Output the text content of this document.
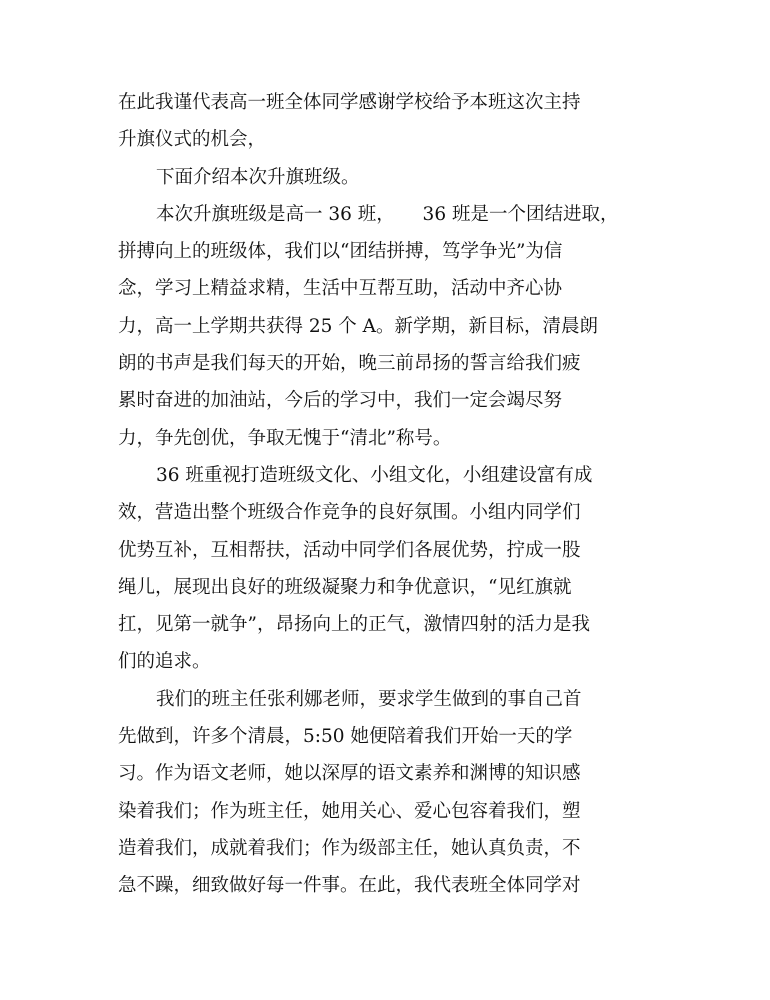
在此我谨代表高一班全体同学感谢学校给予本班这次主持
升旗仪式的机会，
下面介绍本次升旗班级。
本次升旗班级是高一 36 班，　　36 班是一个团结进取，
拼搏向上的班级体，我们以“团结拼搏，笃学争光”为信
念，学习上精益求精，生活中互帮互助，活动中齐心协
力，高一上学期共获得 25 个 A。新学期，新目标，清晨朗
朗的书声是我们每天的开始，晚三前昂扬的誓言给我们疲
累时奋进的加油站，今后的学习中，我们一定会竭尽努
力，争先创优，争取无愧于“清北”称号。
36 班重视打造班级文化、小组文化，小组建设富有成
效，营造出整个班级合作竞争的良好氛围。小组内同学们
优势互补，互相帮扶，活动中同学们各展优势，拧成一股
绳儿，展现出良好的班级凝聚力和争优意识，“见红旗就
扛，见第一就争”，昂扬向上的正气，激情四射的活力是我
们的追求。
我们的班主任张利娜老师，要求学生做到的事自己首
先做到，许多个清晨，5:50 她便陪着我们开始一天的学
习。作为语文老师，她以深厚的语文素养和渊博的知识感
染着我们；作为班主任，她用关心、爱心包容着我们，塑
造着我们，成就着我们；作为级部主任，她认真负责，不
急不躁，细致做好每一件事。在此，我代表班全体同学对
